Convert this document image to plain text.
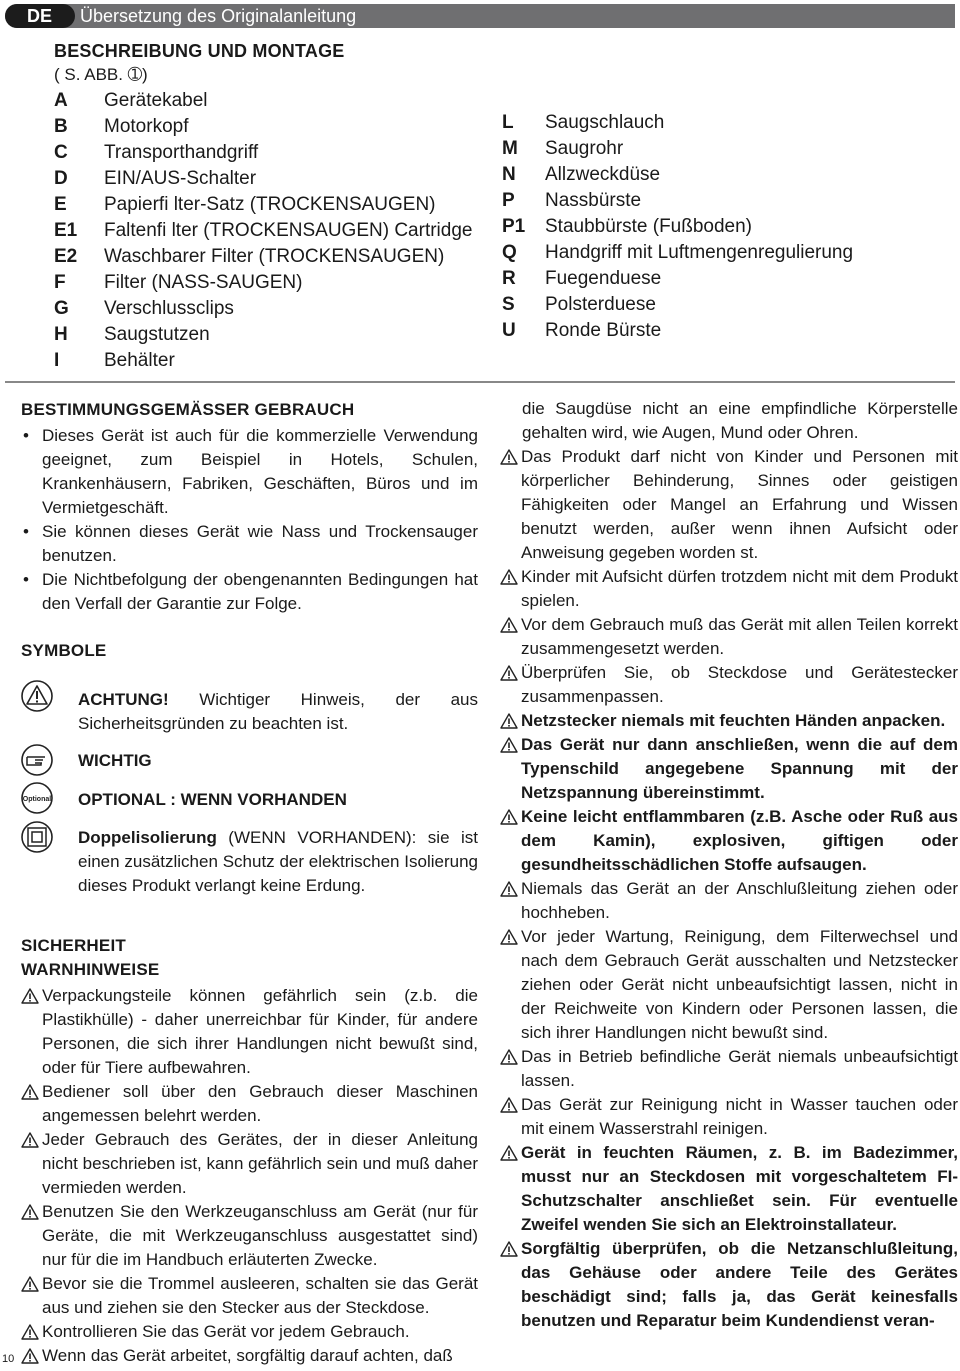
DE	Übersetzung des Originalanleitung
BESCHREIBUNG UND MONTAGE
( S. ABB. ➀)
A Gerätekabel
B Motorkopf
C Transporthandgriff
D EIN/AUS-Schalter
E Papierfi lter-Satz (TROCKENSAUGEN)
E1 Faltenfi lter (TROCKENSAUGEN) Cartridge
E2 Waschbarer Filter (TROCKENSAUGEN)
F Filter (NASS-SAUGEN)
G Verschlussclips
H Saugstutzen
I Behälter
L Saugschlauch
M Saugrohr
N Allzweckdüse
P Nassbürste
P1 Staubbürste (Fußboden)
Q Handgriff mit Luftmengenregulierung
R Fuegenduese
S Polsterduese
U Ronde Bürste
BESTIMMUNGSGEMÄSSER GEBRAUCH
• Dieses Gerät ist auch für die kommerzielle Verwendung geeignet, zum Beispiel in Hotels, Schulen, Krankenhäusern, Fabriken, Geschäften, Büros und im Vermietgeschäft.
• Sie können dieses Gerät wie Nass und Trockensauger benutzen.
• Die Nichtbefolgung der obengenannten Bedingungen hat den Verfall der Garantie zur Folge.
SYMBOLE
ACHTUNG! Wichtiger Hinweis, der aus Sicherheitsgründen zu beachten ist.
WICHTIG
Optional OPTIONAL : WENN VORHANDEN
Doppelisolierung (WENN VORHANDEN): sie ist einen zusätzlichen Schutz der elektrischen Isolierung dieses Produkt verlangt keine Erdung.
SICHERHEIT
WARNHINWEISE
Verpackungsteile können gefährlich sein (z.b. die Plastikhülle) - daher unerreichbar für Kinder, für andere Personen, die sich ihrer Handlungen nicht bewußt sind, oder für Tiere aufbewahren.
Bediener soll über den Gebrauch dieser Maschinen angemessen belehrt werden.
Jeder Gebrauch des Gerätes, der in dieser Anleitung nicht beschrieben ist, kann gefährlich sein und muß daher vermieden werden.
Benutzen Sie den Werkzeuganschluss am Gerät (nur für Geräte, die mit Werkzeuganschluss ausgestattet sind) nur für die im Handbuch erläuterten Zwecke.
Bevor sie die Trommel ausleeren, schalten sie das Gerät aus und ziehen sie den Stecker aus der Steckdose.
Kontrollieren Sie das Gerät vor jedem Gebrauch.
Wenn das Gerät arbeitet, sorgfältig darauf achten, daß
die Saugdüse nicht an eine empfindliche Körperstelle gehalten wird, wie Augen, Mund oder Ohren.
Das Produkt darf nicht von Kinder und Personen mit körperlicher Behinderung, Sinnes oder geistigen Fähigkeiten oder Mangel an Erfahrung und Wissen benutzt werden, außer wenn ihnen Aufsicht oder Anweisung gegeben worden st.
Kinder mit Aufsicht dürfen trotzdem nicht mit dem Produkt spielen.
Vor dem Gebrauch muß das Gerät mit allen Teilen korrekt zusammengesetzt werden.
Überprüfen Sie, ob Steckdose und Gerätestecker zusammenpassen.
Netzstecker niemals mit feuchten Händen anpacken.
Das Gerät nur dann anschließen, wenn die auf dem Typenschild angegebene Spannung mit der Netzspannung übereinstimmt.
Keine leicht entflammbaren (z.B. Asche oder Ruß aus dem Kamin), explosiven, giftigen oder gesundheitsschädlichen Stoffe aufsaugen.
Niemals das Gerät an der Anschlußleitung ziehen oder hochheben.
Vor jeder Wartung, Reinigung, dem Filterwechsel und nach dem Gebrauch Gerät ausschalten und Netzstecker ziehen oder Gerät nicht unbeaufsichtigt lassen, nicht in der Reichweite von Kindern oder Personen lassen, die sich ihrer Handlungen nicht bewußt sind.
Das in Betrieb befindliche Gerät niemals unbeaufsichtigt lassen.
Das Gerät zur Reinigung nicht in Wasser tauchen oder mit einem Wasserstrahl reinigen.
Gerät in feuchten Räumen, z. B. im Badezimmer, musst nur an Steckdosen mit vorgeschaltetem FI-Schutzschalter anschließet sein. Für eventuelle Zweifel wenden Sie sich an Elektroinstallateur.
Sorgfältig überprüfen, ob die Netzanschlußleitung, das Gehäuse oder andere Teile des Gerätes beschädigt sind; falls ja, das Gerät keinesfalls benutzen und Reparatur beim Kundendienst veran-
10
